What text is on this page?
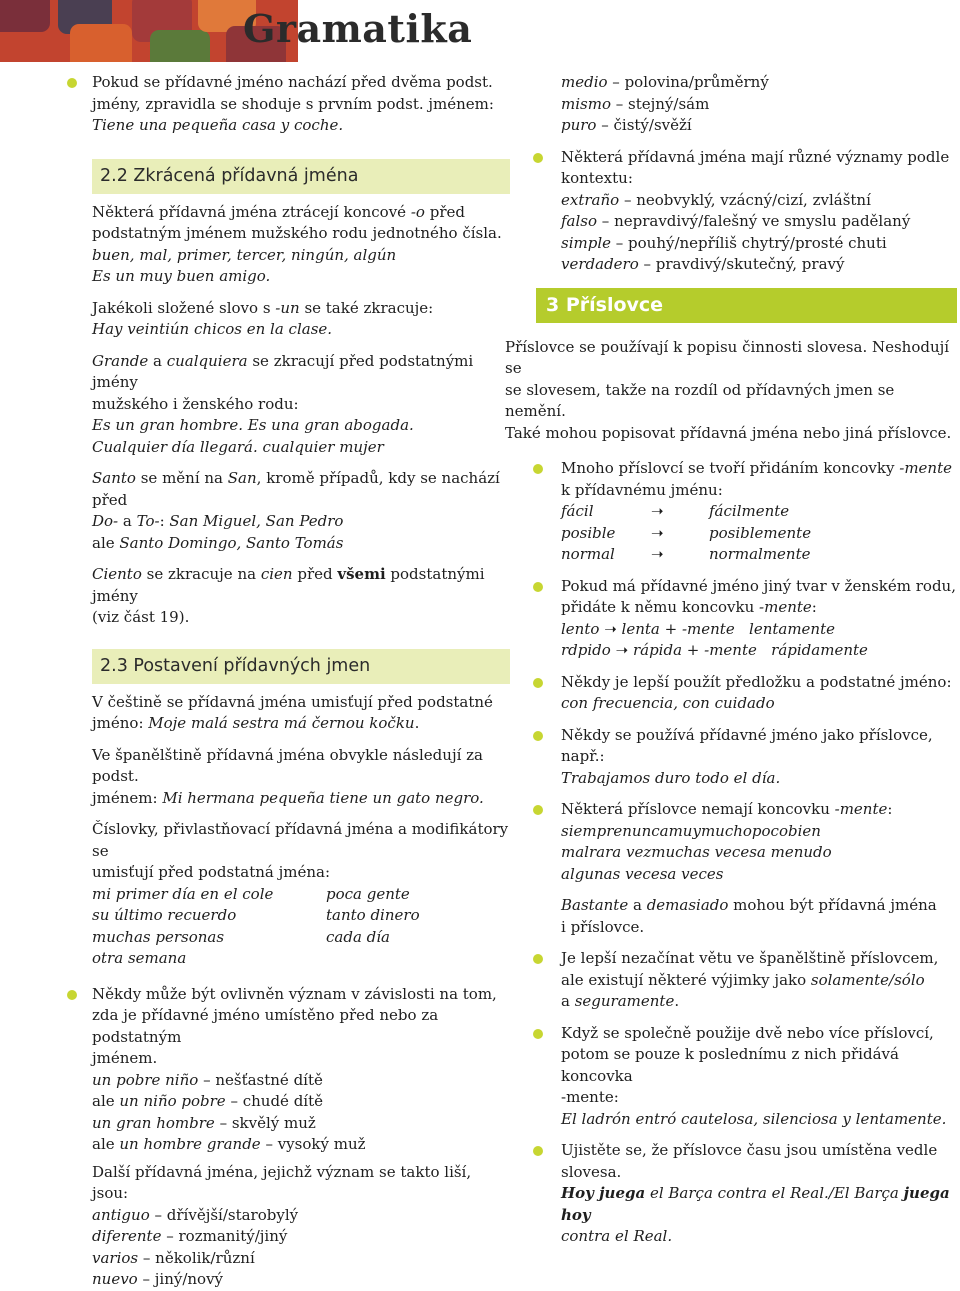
Gramatika
Pokud se přídavné jméno nachází před dvěma podst.
jmény, zpravidla se shoduje s prvním podst. jménem:
Tiene una pequeña casa y coche.
2.2 Zkrácená přídavná jména
Některá přídavná jména ztrácejí koncové -o před
podstatným jménem mužského rodu jednotného čísla.
buen, mal, primer, tercer, ningún, algún
Es un muy buen amigo.
Jakékoli složené slovo s -un se také zkracuje:
Hay veintiún chicos en la clase.
Grande a cualquiera se zkracují před podstatnými jmény
mužského i ženského rodu:
Es un gran hombre. Es una gran abogada.
Cualquier día llegará. cualquier mujer
Santo se mění na San, kromě případů, kdy se nachází před
Do- a To-: San Miguel, San Pedro
ale Santo Domingo, Santo Tomás
Ciento se zkracuje na cien před všemi podstatnými jmény
(viz část 19).
2.3 Postavení přídavných jmen
V češtině se přídavná jména umisťují před podstatné
jméno: Moje malá sestra má černou kočku.
Ve španělštině přídavná jména obvykle následují za podst.
jménem: Mi hermana pequeña tiene un gato negro.
Číslovky, přivlastňovací přídavná jména a modifikátory se
umisťují před podstatná jména:
mi primer día en el cole	poca gente
su último recuerdo	tanto dinero
muchas personas	cada día
otra semana
Někdy může být ovlivněn význam v závislosti na tom,
zda je přídavné jméno umístěno před nebo za podstatným
jménem.
un pobre niño – nešťastné dítě
ale un niño pobre – chudé dítě
un gran hombre – skvělý muž
ale un hombre grande – vysoký muž
Další přídavná jména, jejichž význam se takto liší, jsou:
antiguo – dřívější/starobylý
diferente – rozmanitý/jiný
varios – několik/různí
nuevo – jiný/nový
medio – polovina/průměrný
mismo – stejný/sám
puro – čistý/svěží
Některá přídavná jména mají různé významy podle
kontextu:
extraño – neobvyklý, vzácný/cizí, zvláštní
falso – nepravdivý/falešný ve smyslu padělaný
simple – pouhý/nepříliš chytrý/prosté chuti
verdadero – pravdivý/skutečný, pravý
3 Příslovce
Příslovce se používají k popisu činnosti slovesa. Neshodují se
se slovesem, takže na rozdíl od přídavných jmen se nemění.
Také mohou popisovat přídavná jména nebo jiná příslovce.
Mnoho příslovcí se tvoří přidáním koncovky -mente
k přídavnému jménu:
fácil	➝	fácilmente
posible	➝	posiblemente
normal	➝	normalmente
Pokud má přídavné jméno jiný tvar v ženském rodu,
přidáte k němu koncovku -mente:
lento ➝ lenta + -mente lentamente
rdpido ➝ rápida + -mente rápidamente
Někdy je lepší použít předložku a podstatné jméno:
con frecuencia, con cuidado
Někdy se používá přídavné jméno jako příslovce, např.:
Trabajamos duro todo el día.
Některá příslovce nemají koncovku -mente:
siemprenuncamuymuchopocobien
malrara vezmuchas vecesa menudo
algunas vecesa veces
Bastante a demasiado mohou být přídavná jména
i příslovce.
Je lepší nezačínat větu ve španělštině příslovcem,
ale existují některé výjimky jako solamente/sólo
a seguramente.
Když se společně použije dvě nebo více příslovcí,
potom se pouze k poslednímu z nich přidává koncovka
-mente:
El ladrón entró cautelosa, silenciosa y lentamente.
Ujistěte se, že příslovce času jsou umístěna vedle slovesa.
Hoy juega el Barça contra el Real./El Barça juega hoy
contra el Real.
